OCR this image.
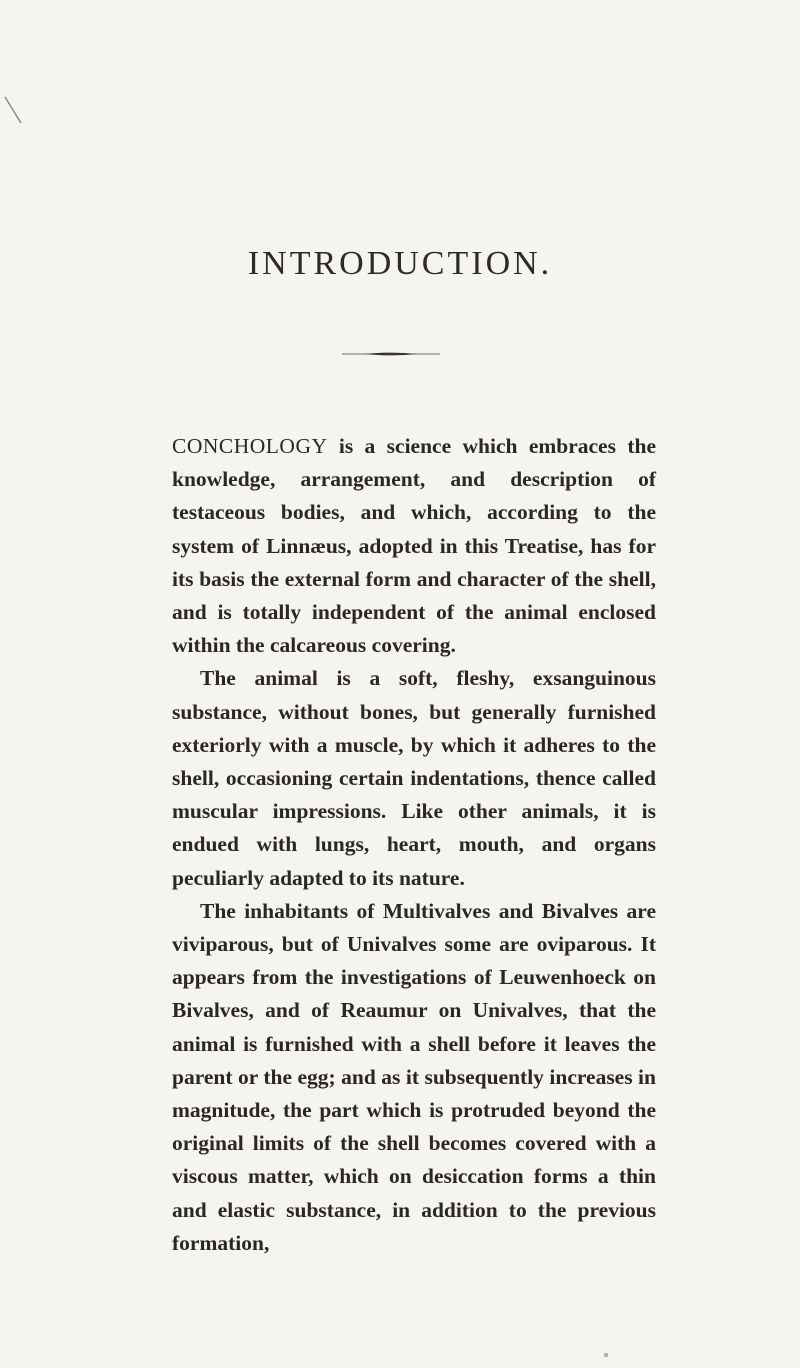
INTRODUCTION.

CONCHOLOGY is a science which embraces the knowledge, arrangement, and description of testaceous bodies, and which, according to the system of Linnæus, adopted in this Treatise, has for its basis the external form and character of the shell, and is totally independent of the animal enclosed within the calcareous covering.

The animal is a soft, fleshy, exsanguinous substance, without bones, but generally furnished exteriorly with a muscle, by which it adheres to the shell, occasioning certain indentations, thence called muscular impressions. Like other animals, it is endued with lungs, heart, mouth, and organs peculiarly adapted to its nature.

The inhabitants of Multivalves and Bivalves are viviparous, but of Univalves some are oviparous. It appears from the investigations of Leuwenhoeck on Bivalves, and of Reaumur on Univalves, that the animal is furnished with a shell before it leaves the parent or the egg; and as it subsequently increases in magnitude, the part which is protruded beyond the original limits of the shell becomes covered with a viscous matter, which on desiccation forms a thin and elastic substance, in addition to the previous formation,
